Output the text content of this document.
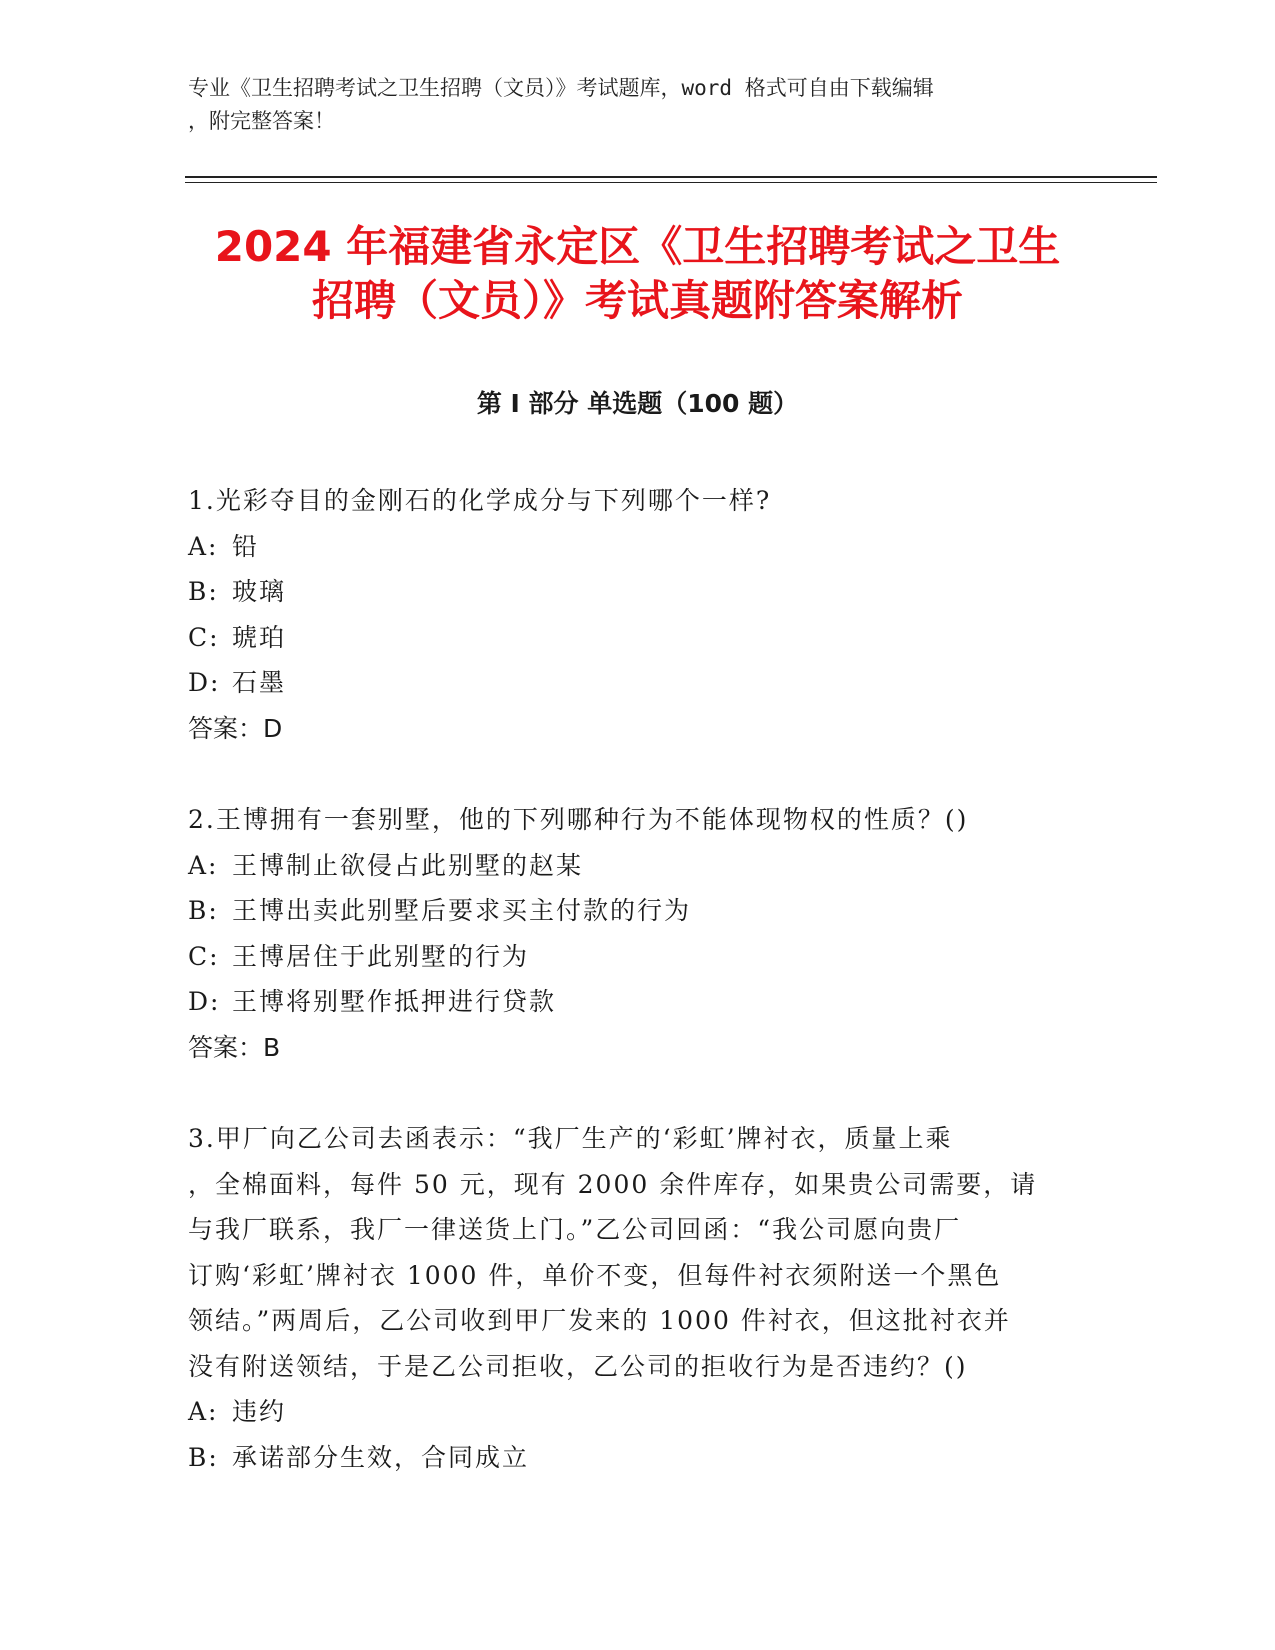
专业《卫生招聘考试之卫生招聘（文员）》考试题库，word 格式可自由下载编辑
，附完整答案！
2024 年福建省永定区《卫生招聘考试之卫生
招聘（文员）》考试真题附答案解析
第 I 部分 单选题（100 题）

1.光彩夺目的金刚石的化学成分与下列哪个一样?

A: 铅

B: 玻璃

C: 琥珀

D: 石墨

答案：D

2.王博拥有一套别墅，他的下列哪种行为不能体现物权的性质？()

A: 王博制止欲侵占此别墅的赵某

B: 王博出卖此别墅后要求买主付款的行为

C: 王博居住于此别墅的行为

D: 王博将别墅作抵押进行贷款

答案：B

3.甲厂向乙公司去函表示：“我厂生产的‘彩虹’牌衬衣，质量上乘

，全棉面料，每件 50 元，现有 2000 余件库存，如果贵公司需要，请

与我厂联系，我厂一律送货上门。”乙公司回函：“我公司愿向贵厂

订购‘彩虹’牌衬衣 1000 件，单价不变，但每件衬衣须附送一个黑色

领结。”两周后，乙公司收到甲厂发来的 1000 件衬衣，但这批衬衣并

没有附送领结，于是乙公司拒收，乙公司的拒收行为是否违约？()

A: 违约

B: 承诺部分生效，合同成立
